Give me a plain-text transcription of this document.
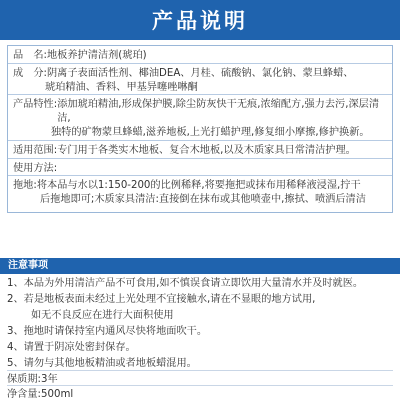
产品说明
品　名: 地板养护清洁剂(琥珀)
成　分: 阴离子表面活性剂、椰油DEA、月桂、硫酸钠、氯化钠、蒙旦蜂蜡、
琥珀精油、香料、甲基异噻唑啉酮
产品特性: 添加琥珀精油,形成保护膜,除尘防灰快干无痕,浓缩配方,强力去污,深层清洁,
独特的矿物蒙旦蜂蜡,滋养地板,上光打蜡护理,修复细小摩擦,修护换新。
适用范围: 专门用于各类实木地板、复合木地板,以及木质家具日常清洁护理。
使用方法:
拖地: 将本品与水以1:150-200的比例稀释,将要拖把或抹布用稀释液浸湿,拧干
后拖地即可;木质家具清洁:直接倒在抹布或其他喷壶中,擦拭、喷洒后清洁
注意事项
1、本品为外用清洁产品不可食用,如不慎误食请立即饮用大量清水并及时就医。
2、若是地板表面未经过上光处理不宜接触水,请在不显眼的地方试用,
如无不良反应在进行大面积使用
3、拖地时请保持室内通风尽快将地面吹干。
4、请置于阴凉处密封保存。
5、请勿与其他地板精油或者地板蜡混用。
保质期:3年
净含量:500ml
